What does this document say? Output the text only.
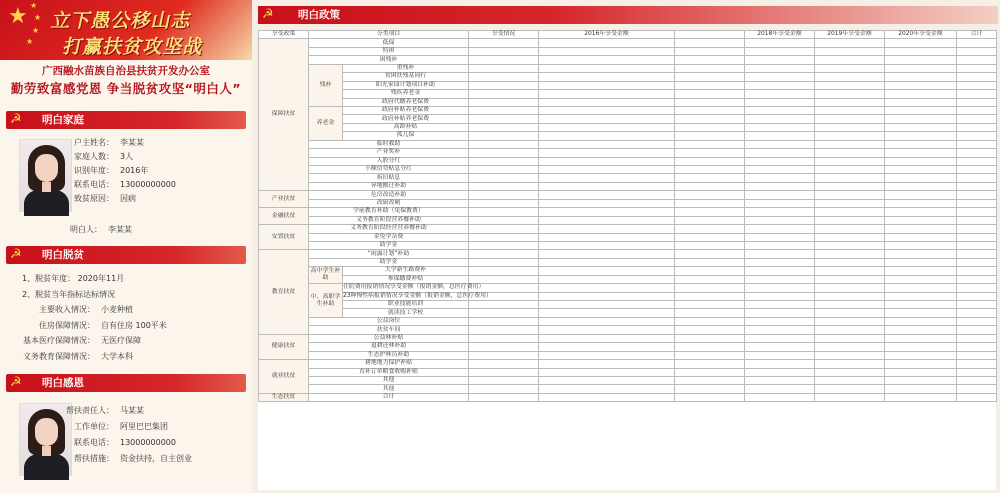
★ ★
★
★
★
立下愚公移山志
打赢扶贫攻坚战
广西融水苗族自治县扶贫开发办公室
勤劳致富感党恩 争当脱贫攻坚“明白人”
☭ 明白家庭
户主姓名： 李某某
家庭人数： 3人
识别年度： 2016年
联系电话： 13000000000
致贫原因： 因病
明白人： 李某某
☭ 明白脱贫
1、脱贫年度： 2020年11月
2、脱贫当年指标达标情况
主要收入情况： 小麦种植
住房保障情况： 自有住房 100平米
基本医疗保障情况： 无医疗保障
义务教育保障情况： 大学本科
☭ 明白感恩
帮扶责任人： 马某某
工作单位： 阿里巴巴集团
联系电话： 13000000000
帮扶措施： 资金扶持，自主创业
☭ 明白政策
享受政策	分类项目		享受情况	2016年享受金额		2018年享受金额	2019年享受金额	2020年享受金额	合计
保障扶贫	低保								
	特困								
	困残补								
	残补	重残补							
		贫困扶残基同行							
		阳光家园计划项目补助							
		残疾养老金							
		政府代缴养老保费							
	养老金	政府补贴养老保费							
		政府补贴养老保费							
		高龄补贴							
		孤儿保							
	临时救助								
	产业奖补								
	入股分红								
	小额信贷贴息分红								
	拆旧贴息								
	异地搬迁补助								
产业扶贫	危房改造补助								
	改厨改厕								
金融扶贫	学前教育补助（免保教费）								
	义务教育阶段营养餐补助								
安置扶贫	义务教育阶段经营营养餐补助								
	金免学杂费								
	助学金								
教育扶贫	“雨露计划”补助								
	助学金								
	高中学生补助	大学新生路费补							
		参保缴费补贴							
	中、高职学生补助	住院费用报销情况享受金额（报销金额，总医疗费用）							
		23种慢性病报销情况享受金额（报销金额，总医疗费用）							
		职业技能培训							
		就读技工学校							
	公益岗位								
	扶贫车间								
健康扶贫	公益林补贴								
	退耕还林补助								
	生态护林员补助								
就业扶贫	耕地地力保护补贴								
	直补订单粮食收购补贴								
	其他								
	其他								
生态扶贫	合计								
